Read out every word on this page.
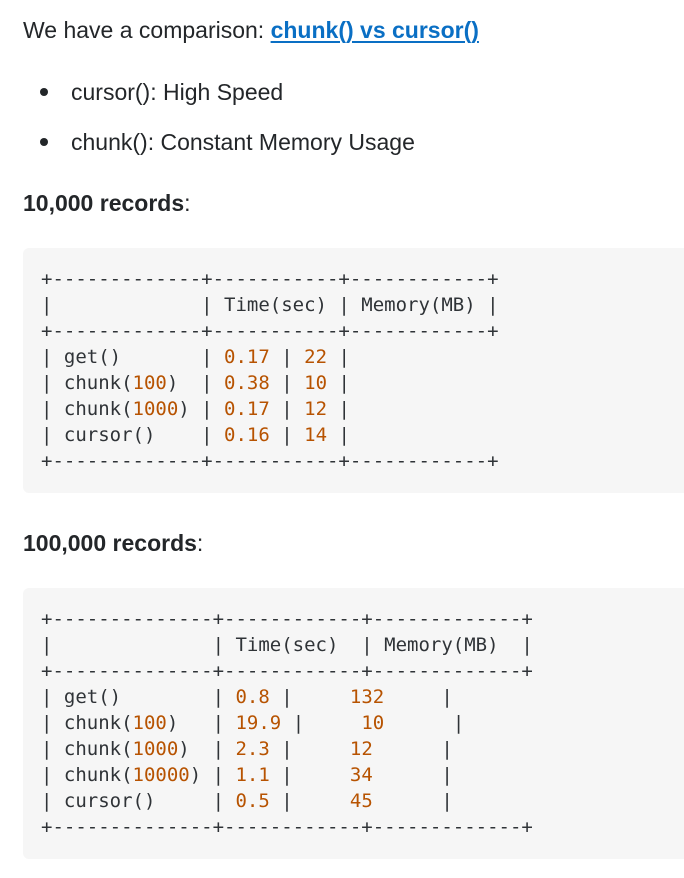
We have a comparison: chunk() vs cursor()

cursor(): High Speed
chunk(): Constant Memory Usage

10,000 records:

+-------------+-----------+------------+
|             | Time(sec) | Memory(MB) |
+-------------+-----------+------------+
| get()       | 0.17 | 22 |
| chunk(100)  | 0.38 | 10 |
| chunk(1000) | 0.17 | 12 |
| cursor()    | 0.16 | 14 |
+-------------+-----------+------------+

100,000 records:

+--------------+------------+-------------+
|              | Time(sec)  | Memory(MB)  |
+--------------+------------+-------------+
| get()        | 0.8 |     132     |
| chunk(100)   | 19.9 |     10      |
| chunk(1000)  | 2.3 |     12      |
| chunk(10000) | 1.1 |     34      |
| cursor()     | 0.5 |     45      |
+--------------+------------+-------------+
